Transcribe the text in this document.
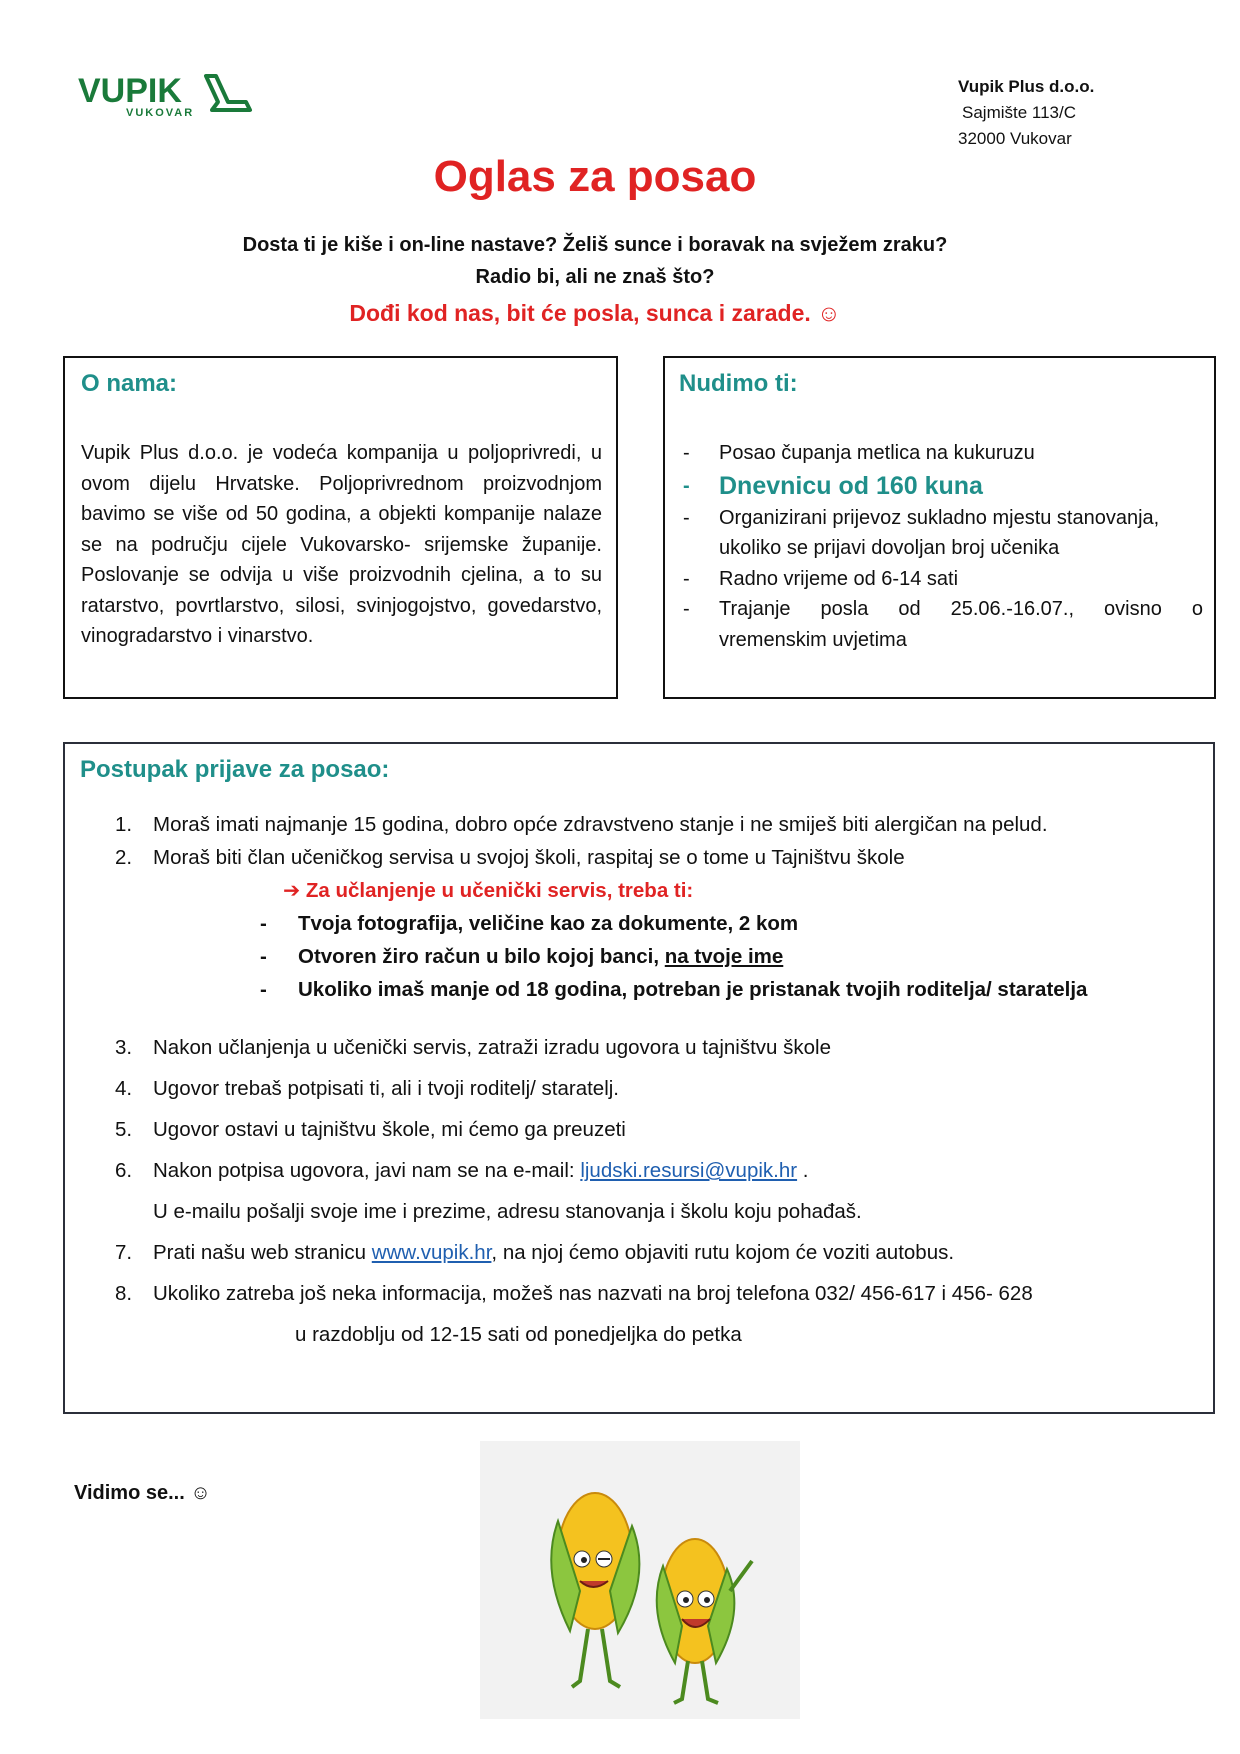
VUPIK
VUKOVAR
Vupik Plus d.o.o.
Sajmište 113/C
32000 Vukovar
Oglas za posao
Dosta ti je kiše i on-line nastave? Želiš sunce i boravak na svježem zraku?
Radio bi, ali ne znaš što?
Dođi kod nas, bit će posla, sunca i zarade. ☺
O nama:
Vupik Plus d.o.o. je vodeća kompanija u poljoprivredi, u ovom dijelu Hrvatske. Poljoprivrednom proizvodnjom bavimo se više od 50 godina, a objekti kompanije nalaze se na području cijele Vukovarsko- srijemske županije. Poslovanje se odvija u više proizvodnih cjelina, a to su ratarstvo, povrtlarstvo, silosi, svinjogojstvo, govedarstvo, vinogradarstvo i vinarstvo.
Nudimo ti:
-	Posao čupanja metlica na kukuruzu
-	Dnevnicu od 160 kuna
-	Organizirani prijevoz sukladno mjestu stanovanja, ukoliko se prijavi dovoljan broj učenika
-	Radno vrijeme od 6-14 sati
-	Trajanje posla od 25.06.-16.07., ovisno o
vremenskim uvjetima
Postupak prijave za posao:
1.	Moraš imati najmanje 15 godina, dobro opće zdravstveno stanje i ne smiješ biti alergičan na pelud.
2.	Moraš biti član učeničkog servisa u svojoj školi, raspitaj se o tome u Tajništvu škole
➔ Za učlanjenje u učenički servis, treba ti:
-	Tvoja fotografija, veličine kao za dokumente, 2 kom
-	Otvoren žiro račun u bilo kojoj banci, na tvoje ime
-	Ukoliko imaš manje od 18 godina, potreban je pristanak tvojih roditelja/ staratelja
3.	Nakon učlanjenja u učenički servis, zatraži izradu ugovora u tajništvu škole
4.	Ugovor trebaš potpisati ti, ali i tvoji roditelj/ staratelj.
5.	Ugovor ostavi u tajništvu škole, mi ćemo ga preuzeti
6.	Nakon potpisa ugovora, javi nam se na e-mail: ljudski.resursi@vupik.hr .
U e-mailu pošalji svoje ime i prezime, adresu stanovanja i školu koju pohađaš.
7.	Prati našu web stranicu www.vupik.hr, na njoj ćemo objaviti rutu kojom će voziti autobus.
8.	Ukoliko zatreba još neka informacija, možeš nas nazvati na broj telefona 032/ 456-617 i 456- 628
u razdoblju od 12-15 sati od ponedjeljka do petka
Vidimo se... ☺
